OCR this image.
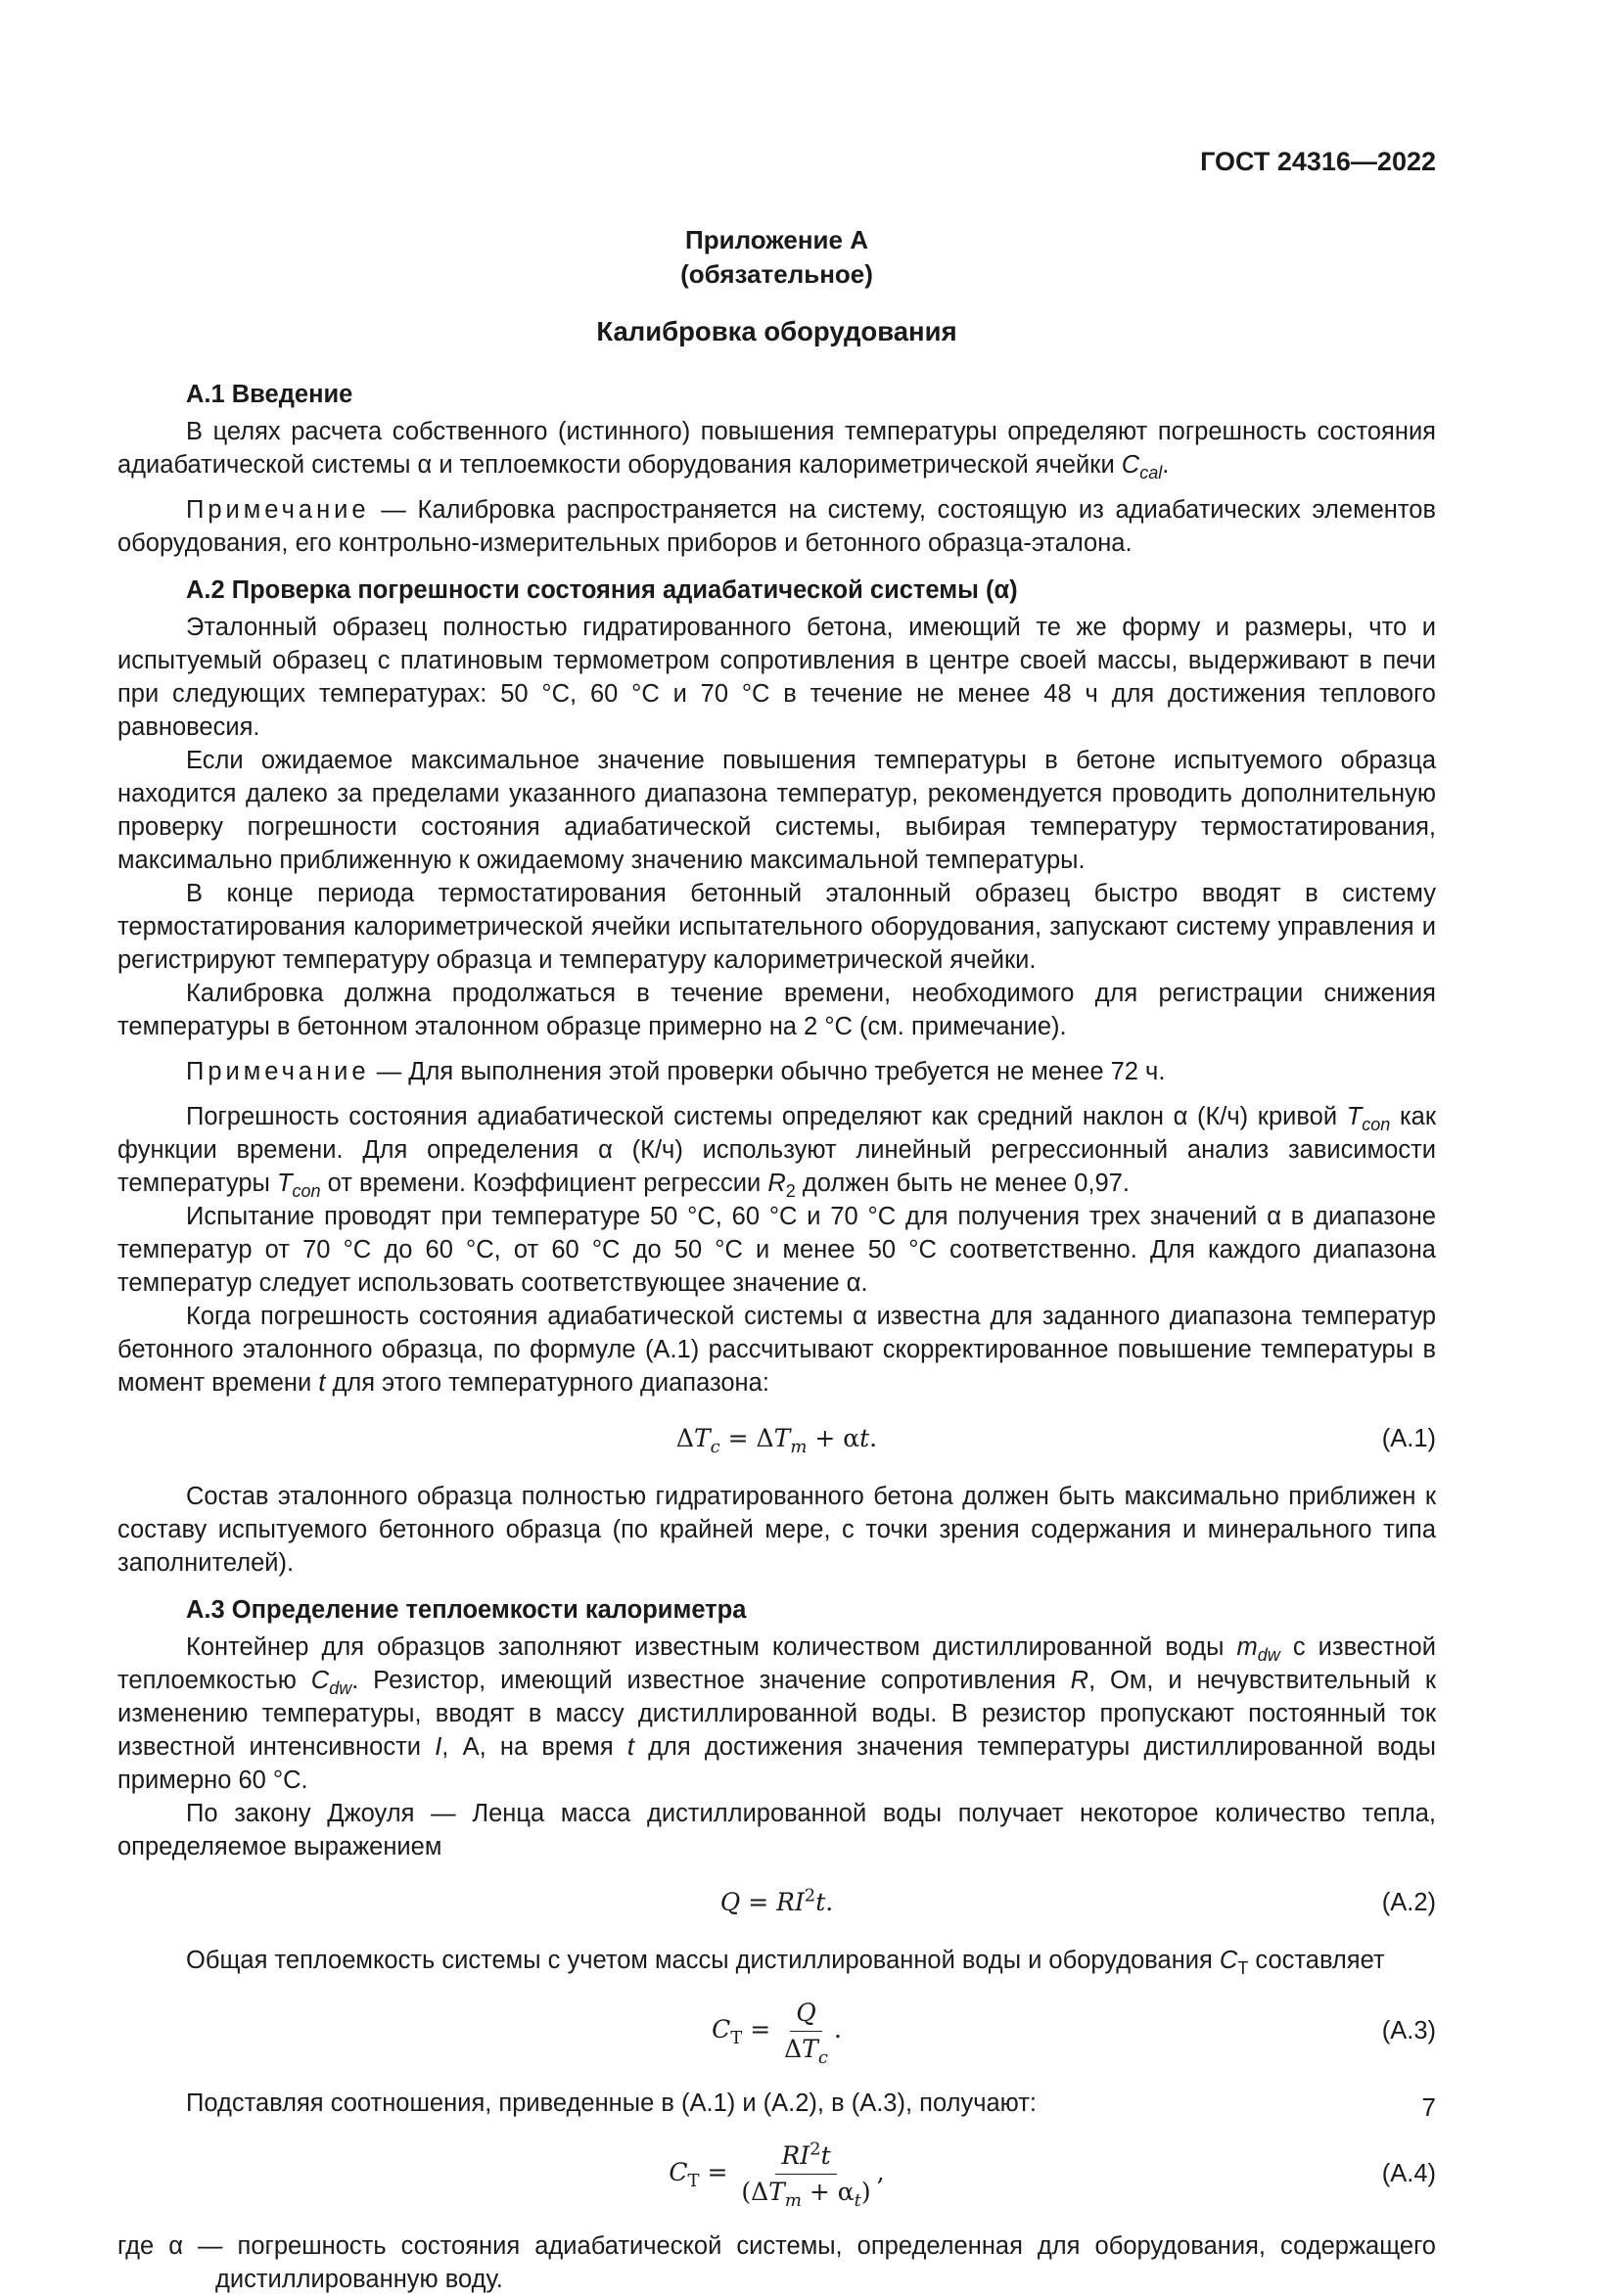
ГОСТ 24316—2022
Приложение А
(обязательное)
Калибровка оборудования
А.1 Введение

В целях расчета собственного (истинного) повышения температуры определяют погрешность состояния адиабатической системы α и теплоемкости оборудования калориметрической ячейки $C_{cal}$.

Примечание — Калибровка распространяется на систему, состоящую из адиабатических элементов оборудования, его контрольно-измерительных приборов и бетонного образца-эталона.

А.2 Проверка погрешности состояния адиабатической системы (α)

Эталонный образец полностью гидратированного бетона, имеющий те же форму и размеры, что и испытуемый образец с платиновым термометром сопротивления в центре своей массы, выдерживают в печи при следующих температурах: 50 °C, 60 °C и 70 °C в течение не менее 48 ч для достижения теплового равновесия.

Если ожидаемое максимальное значение повышения температуры в бетоне испытуемого образца находится далеко за пределами указанного диапазона температур, рекомендуется проводить дополнительную проверку погрешности состояния адиабатической системы, выбирая температуру термостатирования, максимально приближенную к ожидаемому значению максимальной температуры.

В конце периода термостатирования бетонный эталонный образец быстро вводят в систему термостатирования калориметрической ячейки испытательного оборудования, запускают систему управления и регистрируют температуру образца и температуру калориметрической ячейки.

Калибровка должна продолжаться в течение времени, необходимого для регистрации снижения температуры в бетонном эталонном образце примерно на 2 °C (см. примечание).

Примечание — Для выполнения этой проверки обычно требуется не менее 72 ч.

Погрешность состояния адиабатической системы определяют как средний наклон α (К/ч) кривой $T_{con}$ как функции времени. Для определения α (К/ч) используют линейный регрессионный анализ зависимости температуры $T_{con}$ от времени. Коэффициент регрессии $R_2$ должен быть не менее 0,97.

Испытание проводят при температуре 50 °C, 60 °C и 70 °C для получения трех значений α в диапазоне температур от 70 °C до 60 °C, от 60 °C до 50 °C и менее 50 °C соответственно. Для каждого диапазона температур следует использовать соответствующее значение α.

Когда погрешность состояния адиабатической системы α известна для заданного диапазона температур бетонного эталонного образца, по формуле (А.1) рассчитывают скорректированное повышение температуры в момент времени t для этого температурного диапазона:

$\Delta T_c = \Delta T_m + \alpha t$.	(А.1)

Состав эталонного образца полностью гидратированного бетона должен быть максимально приближен к составу испытуемого бетонного образца (по крайней мере, с точки зрения содержания и минерального типа заполнителей).

А.3 Определение теплоемкости калориметра

Контейнер для образцов заполняют известным количеством дистиллированной воды $m_{dw}$ с известной теплоемкостью $C_{dw}$. Резистор, имеющий известное значение сопротивления R, Ом, и нечувствительный к изменению температуры, вводят в массу дистиллированной воды. В резистор пропускают постоянный ток известной интенсивности I, А, на время t для достижения значения температуры дистиллированной воды примерно 60 °C.

По закону Джоуля — Ленца масса дистиллированной воды получает некоторое количество тепла, определяемое выражением

$Q = RI^2t$.	(А.2)

Общая теплоемкость системы с учетом массы дистиллированной воды и оборудования $C_Т$ составляет

$C_Т = \frac{Q}{\Delta T_c}$ .	(А.3)

Подставляя соотношения, приведенные в (А.1) и (А.2), в (А.3), получают:

$C_Т = \frac{RI^2t}{(\Delta T_m + \alpha_t)}$ ,	(А.4)

где α — погрешность состояния адиабатической системы, определенная для оборудования, содержащего дистиллированную воду.

7
